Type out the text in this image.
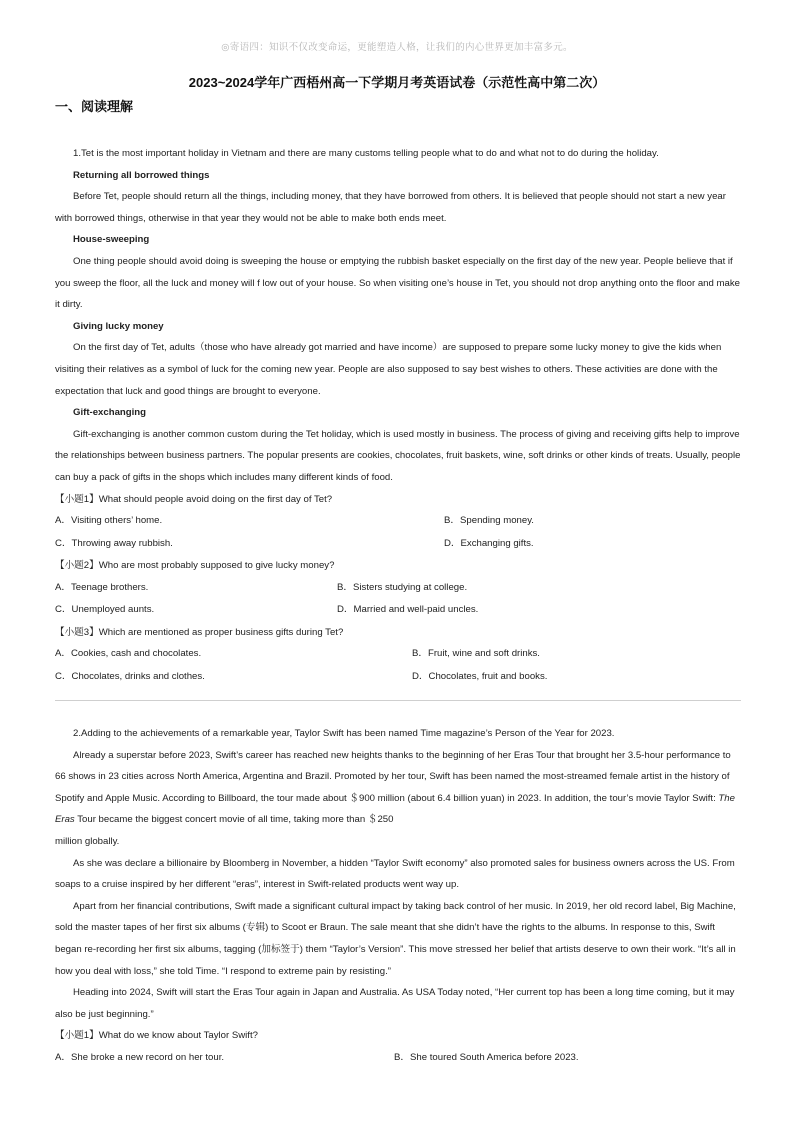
◎寄语四：知识不仅改变命运，更能塑造人格，让我们的内心世界更加丰富多元。
2023~2024学年广西梧州高一下学期月考英语试卷（示范性高中第二次）
一、阅读理解

1.Tet is the most important holiday in Vietnam and there are many customs telling people what to do and what not to do during the holiday.

Returning all borrowed things

Before Tet, people should return all the things, including money, that they have borrowed from others. It is believed that people should not start a new year with borrowed things, otherwise in that year they would not be able to make both ends meet.

House-sweeping

One thing people should avoid doing is sweeping the house or emptying the rubbish basket especially on the first day of the new year. People believe that if you sweep the floor, all the luck and money will f low out of your house. So when visiting one’s house in Tet, you should not drop anything onto the floor and make it dirty.

Giving lucky money

On the first day of Tet, adults（those who have already got married and have income）are supposed to prepare some lucky money to give the kids when visiting their relatives as a symbol of luck for the coming new year. People are also supposed to say best wishes to others. These activities are done with the expectation that luck and good things are brought to everyone.

Gift-exchanging

Gift-exchanging is another common custom during the Tet holiday, which is used mostly in business. The process of giving and receiving gifts help to improve the relationships between business partners. The popular presents are cookies, chocolates, fruit baskets, wine, soft drinks or other kinds of treats. Usually, people can buy a pack of gifts in the shops which includes many different kinds of food.

【小题1】What should people avoid doing on the first day of Tet?

A．Visiting others’ home.	B．Spending money.
C．Throwing away rubbish.	D．Exchanging gifts.

【小题2】Who are most probably supposed to give lucky money?

A．Teenage brothers.	B．Sisters studying at college.
C．Unemployed aunts.	D．Married and well-paid uncles.

【小题3】Which are mentioned as proper business gifts during Tet?

A．Cookies, cash and chocolates.	B．Fruit, wine and soft drinks.
C．Chocolates, drinks and clothes.	D．Chocolates, fruit and books.

2.Adding to the achievements of a remarkable year, Taylor Swift has been named Time magazine’s Person of the Year for 2023.

Already a superstar before 2023, Swift’s career has reached new heights thanks to the beginning of her Eras Tour that brought her 3.5-hour performance to 66 shows in 23 cities across North America, Argentina and Brazil. Promoted by her tour, Swift has been named the most-streamed female artist in the history of Spotify and Apple Music. According to Billboard, the tour made about ＄900 million (about 6.4 billion yuan) in 2023. In addition, the tour’s movie Taylor Swift: The Eras Tour became the biggest concert movie of all time, taking more than ＄250

million globally.

As she was declare a billionaire by Bloomberg in November, a hidden “Taylor Swift economy” also promoted sales for business owners across the US. From soaps to a cruise inspired by her different “eras”, interest in Swift-related products went way up.

Apart from her financial contributions, Swift made a significant cultural impact by taking back control of her music. In 2019, her old record label, Big Machine, sold the master tapes of her first six albums (专辑) to Scoot er Braun. The sale meant that she didn’t have the rights to the albums. In response to this, Swift began re-recording her first six albums, tagging (加标签于) them “Taylor’s Version”. This move stressed her belief that artists deserve to own their work. “It’s all in how you deal with loss,” she told Time. “I respond to extreme pain by resisting.”

Heading into 2024, Swift will start the Eras Tour again in Japan and Australia. As USA Today noted, “Her current top has been a long time coming, but it may also be just beginning.”

【小题1】What do we know about Taylor Swift?

A．She broke a new record on her tour.	B．She toured South America before 2023.
